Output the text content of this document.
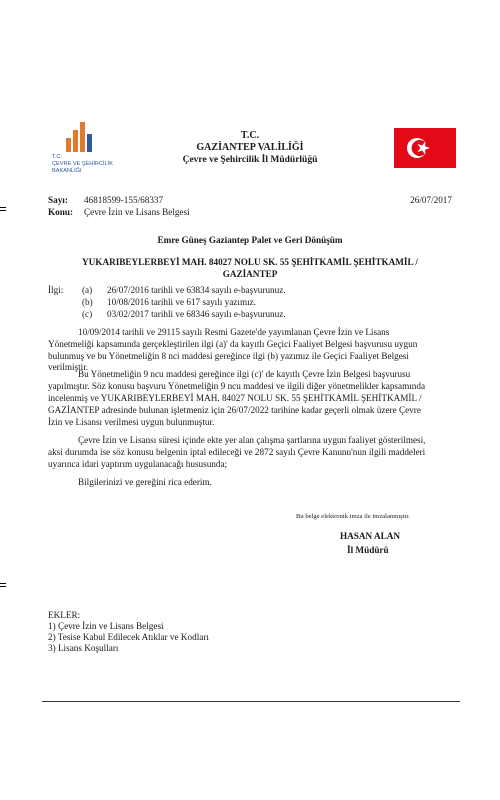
T.C.
ÇEVRE VE ŞEHİRCİLİK
BAKANLIĞI
T.C.
GAZİANTEP VALİLİĞİ
Çevre ve Şehircilik İl Müdürlüğü
Sayı: 46818599-155/68337
Konu: Çevre İzin ve Lisans Belgesi
26/07/2017
Emre Güneş Gaziantep Palet ve Geri Dönüşüm
YUKARIBEYLERBEYİ MAH. 84027 NOLU SK. 55 ŞEHİTKAMİL ŞEHİTKAMİL /
GAZİANTEP
İlgi: (a) 26/07/2016 tarihli ve 63834 sayılı e-başvurunuz.
(b) 10/08/2016 tarihli ve 617 sayılı yazımız.
(c) 03/02/2017 tarihli ve 68346 sayılı e-başvurunuz.
10/09/2014 tarihli ve 29115 sayılı Resmi Gazete'de yayımlanan Çevre İzin ve Lisans
Yönetmeliği kapsamında gerçekleştirilen ilgi (a)' da kayıtlı Geçici Faaliyet Belgesi başvurusu uygun
bulunmuş ve bu Yönetmeliğin 8 nci maddesi gereğince ilgi (b) yazımız ile Geçici Faaliyet Belgesi
verilmiştir.
Bu Yönetmeliğin 9 ncu maddesi gereğince ilgi (c)' de kayıtlı Çevre İzin Belgesi başvurusu
yapılmıştır. Söz konusu başvuru Yönetmeliğin 9 ncu maddesi ve ilgili diğer yönetmelikler kapsamında
incelenmiş ve YUKARIBEYLERBEYİ MAH. 84027 NOLU SK. 55 ŞEHİTKAMİL ŞEHİTKAMİL /
GAZİANTEP adresinde bulunan işletmeniz için 26/07/2022 tarihine kadar geçerli olmak üzere Çevre
İzin ve Lisansı verilmesi uygun bulunmuştur.
Çevre İzin ve Lisansı süresi içinde ekte yer alan çalışma şartlarına uygun faaliyet gösterilmesi,
aksi durumda ise söz konusu belgenin iptal edileceği ve 2872 sayılı Çevre Kanunu'nun ilgili maddeleri
uyarınca idari yaptırım uygulanacağı hususunda;
Bilgilerinizi ve gereğini rica ederim.
Bu belge elektronik imza ile imzalanmıştır.
HASAN ALAN
İl Müdürü
EKLER:
1) Çevre İzin ve Lisans Belgesi
2) Tesise Kabul Edilecek Atıklar ve Kodları
3) Lisans Koşulları
